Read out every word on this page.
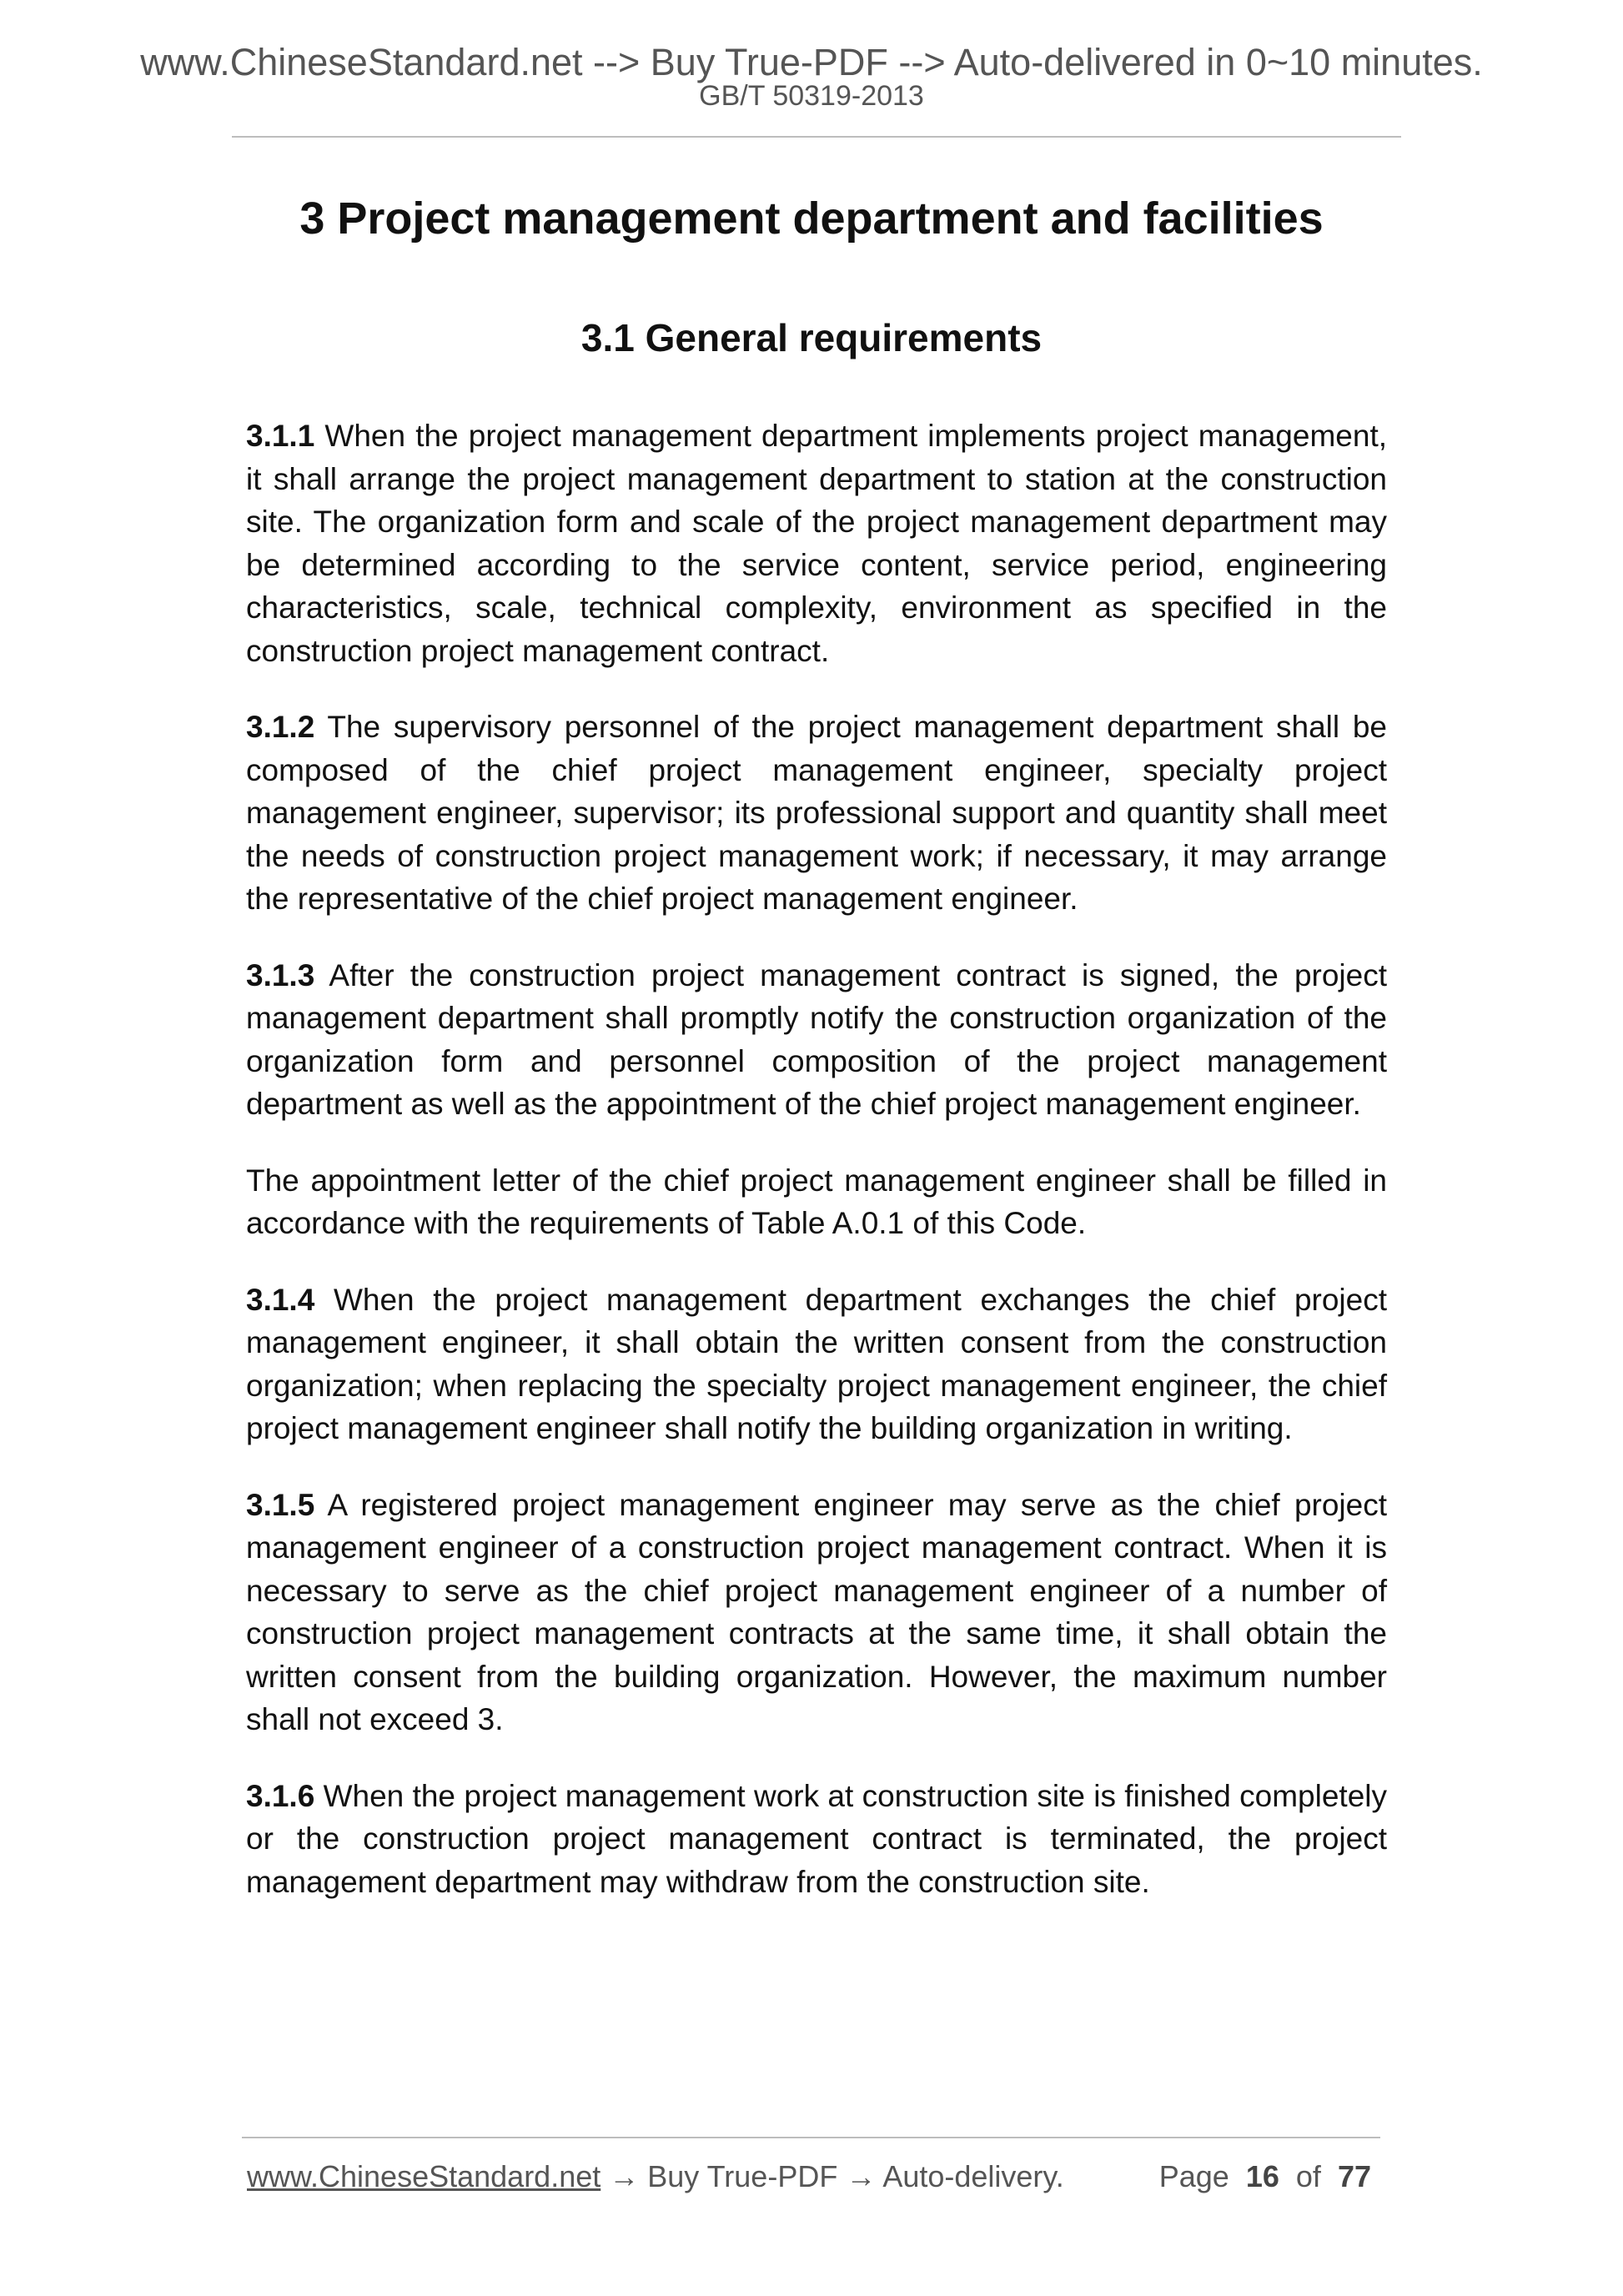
www.ChineseStandard.net --> Buy True-PDF --> Auto-delivered in 0~10 minutes.
GB/T 50319-2013
3 Project management department and facilities
3.1 General requirements

3.1.1 When the project management department implements project management, it shall arrange the project management department to station at the construction site. The organization form and scale of the project management department may be determined according to the service content, service period, engineering characteristics, scale, technical complexity, environment as specified in the construction project management contract.

3.1.2 The supervisory personnel of the project management department shall be composed of the chief project management engineer, specialty project management engineer, supervisor; its professional support and quantity shall meet the needs of construction project management work; if necessary, it may arrange the representative of the chief project management engineer.

3.1.3 After the construction project management contract is signed, the project management department shall promptly notify the construction organization of the organization form and personnel composition of the project management department as well as the appointment of the chief project management engineer.

The appointment letter of the chief project management engineer shall be filled in accordance with the requirements of Table A.0.1 of this Code.

3.1.4 When the project management department exchanges the chief project management engineer, it shall obtain the written consent from the construction organization; when replacing the specialty project management engineer, the chief project management engineer shall notify the building organization in writing.

3.1.5 A registered project management engineer may serve as the chief project management engineer of a construction project management contract. When it is necessary to serve as the chief project management engineer of a number of construction project management contracts at the same time, it shall obtain the written consent from the building organization. However, the maximum number shall not exceed 3.

3.1.6 When the project management work at construction site is finished completely or the construction project management contract is terminated, the project management department may withdraw from the construction site.

www.ChineseStandard.net → Buy True-PDF → Auto-delivery.	Page 16 of 77
